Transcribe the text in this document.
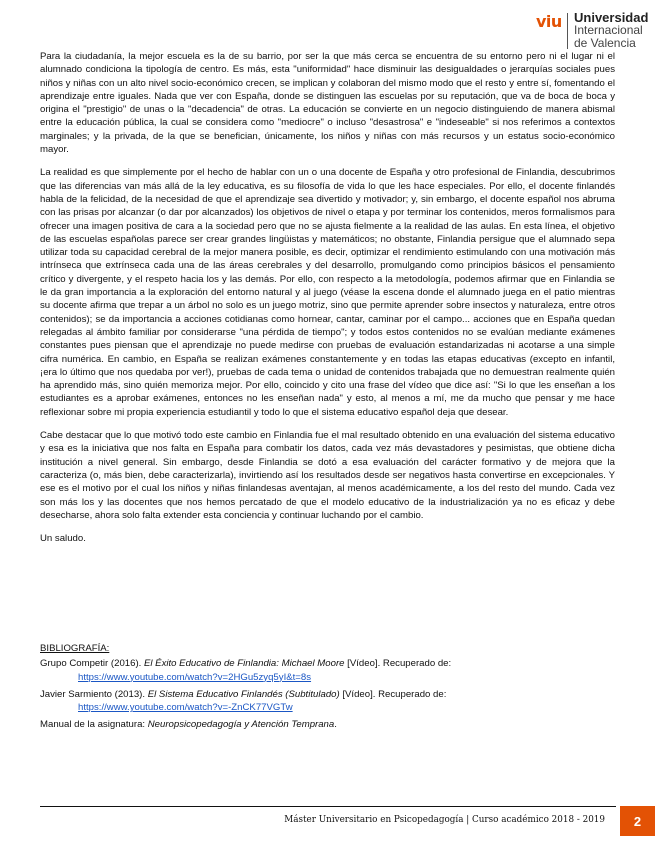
viu Universidad
Internacional
de Valencia

Para la ciudadanía, la mejor escuela es la de su barrio, por ser la que más cerca se encuentra de su entorno pero ni el lugar ni el alumnado condiciona la tipología de centro. Es más, esta "uniformidad" hace disminuir las desigualdades o jerarquías sociales pues niños y niñas con un alto nivel socio-económico crecen, se implican y colaboran del mismo modo que el resto y entre sí, fomentando el aprendizaje entre iguales. Nada que ver con España, donde se distinguen las escuelas por su reputación, que va de boca de boca y origina el "prestigio" de unas o la "decadencia" de otras. La educación se convierte en un negocio distinguiendo de manera abismal entre la educación pública, la cual se considera como "mediocre" o incluso "desastrosa" e "indeseable" si nos referimos a contextos marginales; y la privada, de la que se benefician, únicamente, los niños y niñas con más recursos y un estatus socio-económico mayor.

La realidad es que simplemente por el hecho de hablar con un o una docente de España y otro profesional de Finlandia, descubrimos que las diferencias van más allá de la ley educativa, es su filosofía de vida lo que les hace especiales. Por ello, el docente finlandés habla de la felicidad, de la necesidad de que el aprendizaje sea divertido y motivador; y, sin embargo, el docente español nos abruma con las prisas por alcanzar (o dar por alcanzados) los objetivos de nivel o etapa y por terminar los contenidos, meros formalismos para ofrecer una imagen positiva de cara a la sociedad pero que no se ajusta fielmente a la realidad de las aulas. En esta línea, el objetivo de las escuelas españolas parece ser crear grandes lingüistas y matemáticos; no obstante, Finlandia persigue que el alumnado sepa utilizar toda su capacidad cerebral de la mejor manera posible, es decir, optimizar el rendimiento estimulando con una motivación más intrínseca que extrínseca cada una de las áreas cerebrales y del desarrollo, promulgando como principios básicos el pensamiento crítico y divergente, y el respeto hacia los y las demás. Por ello, con respecto a la metodología, podemos afirmar que en Finlandia se le da gran importancia a la exploración del entorno natural y al juego (véase la escena donde el alumnado juega en el patio mientras su docente afirma que trepar a un árbol no solo es un juego motriz, sino que permite aprender sobre insectos y naturaleza, entre otros contenidos); se da importancia a acciones cotidianas como hornear, cantar, caminar por el campo... acciones que en España quedan relegadas al ámbito familiar por considerarse "una pérdida de tiempo"; y todos estos contenidos no se evalúan mediante exámenes constantes pues piensan que el aprendizaje no puede medirse con pruebas de evaluación estandarizadas ni acotarse a una simple cifra numérica. En cambio, en España se realizan exámenes constantemente y en todas las etapas educativas (excepto en infantil, ¡era lo último que nos quedaba por ver!), pruebas de cada tema o unidad de contenidos trabajada que no demuestran realmente quién ha aprendido más, sino quién memoriza mejor. Por ello, coincido y cito una frase del vídeo que dice así: "Si lo que les enseñan a los estudiantes es a aprobar exámenes, entonces no les enseñan nada" y esto, al menos a mí, me da mucho que pensar y me hace reflexionar sobre mi propia experiencia estudiantil y todo lo que el sistema educativo español deja que desear.

Cabe destacar que lo que motivó todo este cambio en Finlandia fue el mal resultado obtenido en una evaluación del sistema educativo y esa es la iniciativa que nos falta en España para combatir los datos, cada vez más devastadores y pesimistas, que obtiene dicha institución a nivel general. Sin embargo, desde Finlandia se dotó a esa evaluación del carácter formativo y de mejora que la caracteriza (o, más bien, debe caracterizarla), invirtiendo así los resultados desde ser negativos hasta convertirse en excepcionales. Y ese es el motivo por el cual los niños y niñas finlandesas aventajan, al menos académicamente, a los del resto del mundo. Cada vez son más los y las docentes que nos hemos percatado de que el modelo educativo de la industrialización ya no es eficaz y debe desecharse, ahora solo falta extender esta conciencia y continuar luchando por el cambio.

Un saludo.

BIBLIOGRAFÍA:
Grupo Competir (2016). El Éxito Educativo de Finlandia: Michael Moore [Vídeo]. Recuperado de:
https://www.youtube.com/watch?v=2HGu5zyq5yI&t=8s
Javier Sarmiento (2013). El Sistema Educativo Finlandés (Subtitulado) [Vídeo]. Recuperado de:
https://www.youtube.com/watch?v=-ZnCK77VGTw
Manual de la asignatura: Neuropsicopedagogía y Atención Temprana.
Máster Universitario en Psicopedagogía | Curso académico 2018 - 2019 2
